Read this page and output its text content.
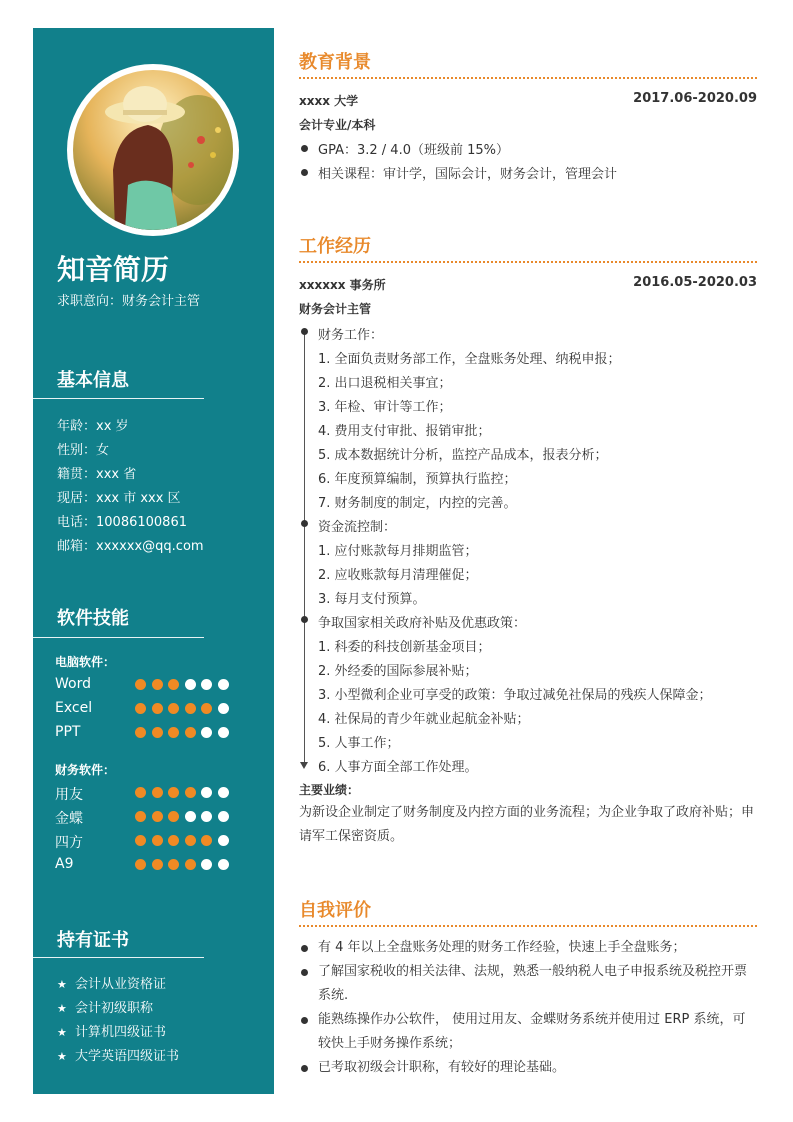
知音简历
求职意向：财务会计主管
基本信息
年龄：xx 岁
性别：女
籍贯：xxx 省
现居：xxx 市 xxx 区
电话：10086100861
邮箱：xxxxxx@qq.com
软件技能
电脑软件：
Word
Excel
PPT
财务软件：
用友
金蝶
四方
A9
持有证书
★ 会计从业资格证
★ 会计初级职称
★ 计算机四级证书
★ 大学英语四级证书
教育背景
xxxx 大学	2017.06-2020.09
会计专业/本科
GPA：3.2 / 4.0（班级前 15%）
相关课程：审计学，国际会计，财务会计，管理会计
工作经历
xxxxxx 事务所	2016.05-2020.03
财务会计主管
财务工作：
1. 全面负责财务部工作，全盘账务处理、纳税申报；
2. 出口退税相关事宜；
3. 年检、审计等工作；
4. 费用支付审批、报销审批；
5. 成本数据统计分析，监控产品成本，报表分析；
6. 年度预算编制，预算执行监控；
7. 财务制度的制定，内控的完善。
资金流控制：
1. 应付账款每月排期监管；
2. 应收账款每月清理催促；
3. 每月支付预算。
争取国家相关政府补贴及优惠政策：
1. 科委的科技创新基金项目；
2. 外经委的国际参展补贴；
3. 小型微利企业可享受的政策：争取过减免社保局的残疾人保障金；
4. 社保局的青少年就业起航金补贴；
5. 人事工作；
6. 人事方面全部工作处理。
主要业绩：
为新设企业制定了财务制度及内控方面的业务流程；为企业争取了政府补贴；申请军工保密资质。
自我评价
有 4 年以上全盘账务处理的财务工作经验，快速上手全盘账务；
了解国家税收的相关法律、法规，熟悉一般纳税人电子申报系统及税控开票系统.
能熟练操作办公软件， 使用过用友、金蝶财务系统并使用过 ERP 系统，可较快上手财务操作系统；
已考取初级会计职称，有较好的理论基础。
